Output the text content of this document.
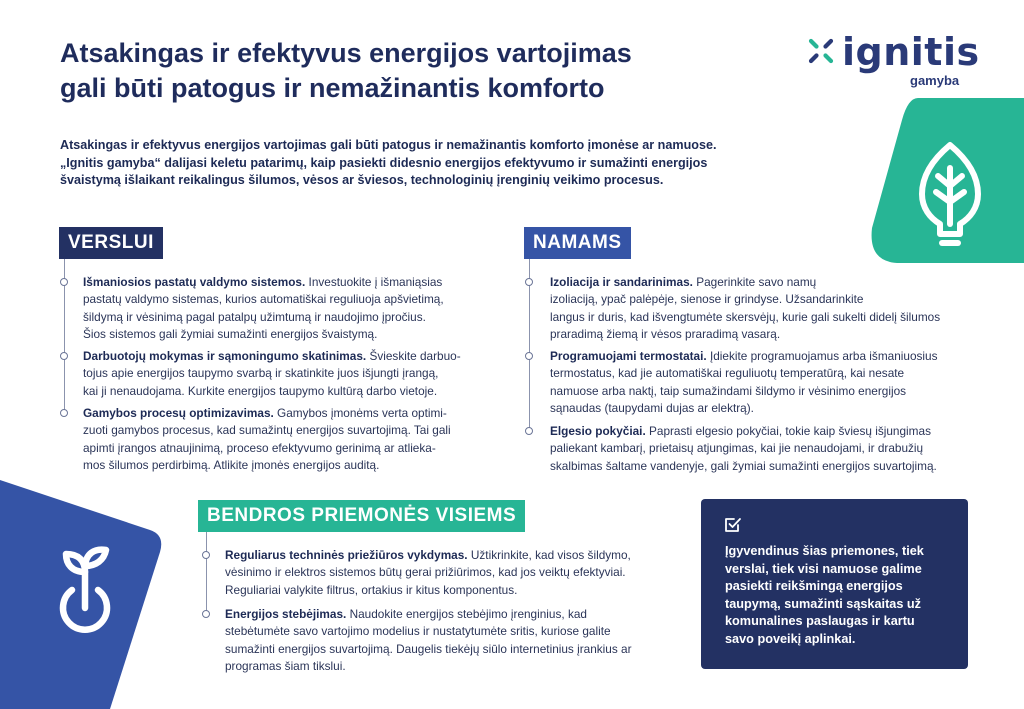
Atsakingas ir efektyvus energijos vartojimas
gali būti patogus ir nemažinantis komforto
ignitis
gamyba
Atsakingas ir efektyvus energijos vartojimas gali būti patogus ir nemažinantis komforto įmonėse ar namuose.
„Ignitis gamyba“ dalijasi keletu patarimų, kaip pasiekti didesnio energijos efektyvumo ir sumažinti energijos
švaistymą išlaikant reikalingus šilumos, vėsos ar šviesos, technologinių įrenginių veikimo procesus.
VERSLUI
Išmaniosios pastatų valdymo sistemos. Investuokite į išmaniąsias
pastatų valdymo sistemas, kurios automatiškai reguliuoja apšvietimą,
šildymą ir vėsinimą pagal patalpų užimtumą ir naudojimo įpročius.
Šios sistemos gali žymiai sumažinti energijos švaistymą.
Darbuotojų mokymas ir sąmoningumo skatinimas. Švieskite darbuo-
tojus apie energijos taupymo svarbą ir skatinkite juos išjungti įrangą,
kai ji nenaudojama. Kurkite energijos taupymo kultūrą darbo vietoje.
Gamybos procesų optimizavimas. Gamybos įmonėms verta optimi-
zuoti gamybos procesus, kad sumažintų energijos suvartojimą. Tai gali
apimti įrangos atnaujinimą, proceso efektyvumo gerinimą ar atlieka-
mos šilumos perdirbimą. Atlikite įmonės energijos auditą.
NAMAMS
Izoliacija ir sandarinimas. Pagerinkite savo namų
izoliaciją, ypač palėpėje, sienose ir grindyse. Užsandarinkite
langus ir duris, kad išvengtumėte skersvėjų, kurie gali sukelti didelį šilumos
praradimą žiemą ir vėsos praradimą vasarą.
Programuojami termostatai. Įdiekite programuojamus arba išmaniuosius
termostatus, kad jie automatiškai reguliuotų temperatūrą, kai nesate
namuose arba naktį, taip sumažindami šildymo ir vėsinimo energijos
sąnaudas (taupydami dujas ar elektrą).
Elgesio pokyčiai. Paprasti elgesio pokyčiai, tokie kaip šviesų išjungimas
paliekant kambarį, prietaisų atjungimas, kai jie nenaudojami, ir drabužių
skalbimas šaltame vandenyje, gali žymiai sumažinti energijos suvartojimą.
BENDROS PRIEMONĖS VISIEMS
Reguliarus techninės priežiūros vykdymas. Užtikrinkite, kad visos šildymo,
vėsinimo ir elektros sistemos būtų gerai prižiūrimos, kad jos veiktų efektyviai.
Reguliariai valykite filtrus, ortakius ir kitus komponentus.
Energijos stebėjimas. Naudokite energijos stebėjimo įrenginius, kad
stebėtumėte savo vartojimo modelius ir nustatytumėte sritis, kuriose galite
sumažinti energijos suvartojimą. Daugelis tiekėjų siūlo internetinius įrankius ar
programas šiam tikslui.
Įgyvendinus šias priemones, tiek
verslai, tiek visi namuose galime
pasiekti reikšmingą energijos
taupymą, sumažinti sąskaitas už
komunalines paslaugas ir kartu
savo poveikį aplinkai.
